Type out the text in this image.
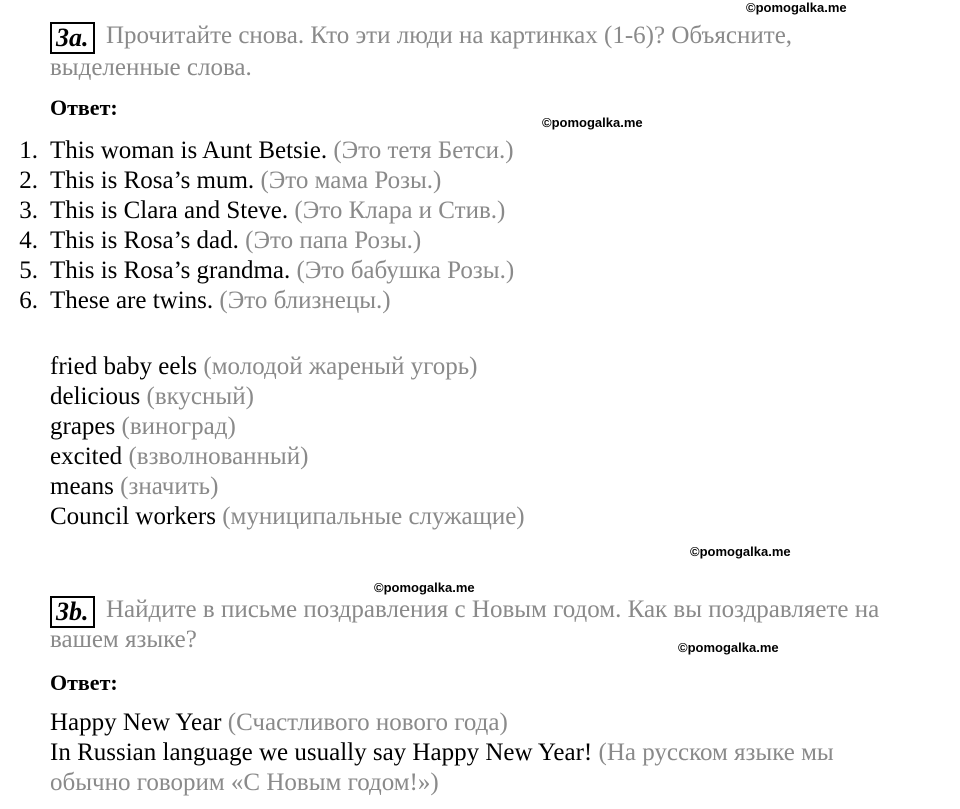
©pomogalka.me
©pomogalka.me
©pomogalka.me
©pomogalka.me
©pomogalka.me
3a. Прочитайте снова. Кто эти люди на картинках (1-6)? Объясните,
выделенные слова.
Ответ:
1. This woman is Aunt Betsie. (Это тетя Бетси.)
2. This is Rosa’s mum. (Это мама Розы.)
3. This is Clara and Steve. (Это Клара и Стив.)
4. This is Rosa’s dad. (Это папа Розы.)
5. This is Rosa’s grandma. (Это бабушка Розы.)
6. These are twins. (Это близнецы.)
fried baby eels (молодой жареный угорь)
delicious (вкусный)
grapes (виноград)
excited (взволнованный)
means (значить)
Council workers (муниципальные служащие)
3b. Найдите в письме поздравления с Новым годом. Как вы поздравляете на
вашем языке?
Ответ:
Happy New Year (Счастливого нового года)
In Russian language we usually say Happy New Year! (На русском языке мы
обычно говорим «С Новым годом!»)
